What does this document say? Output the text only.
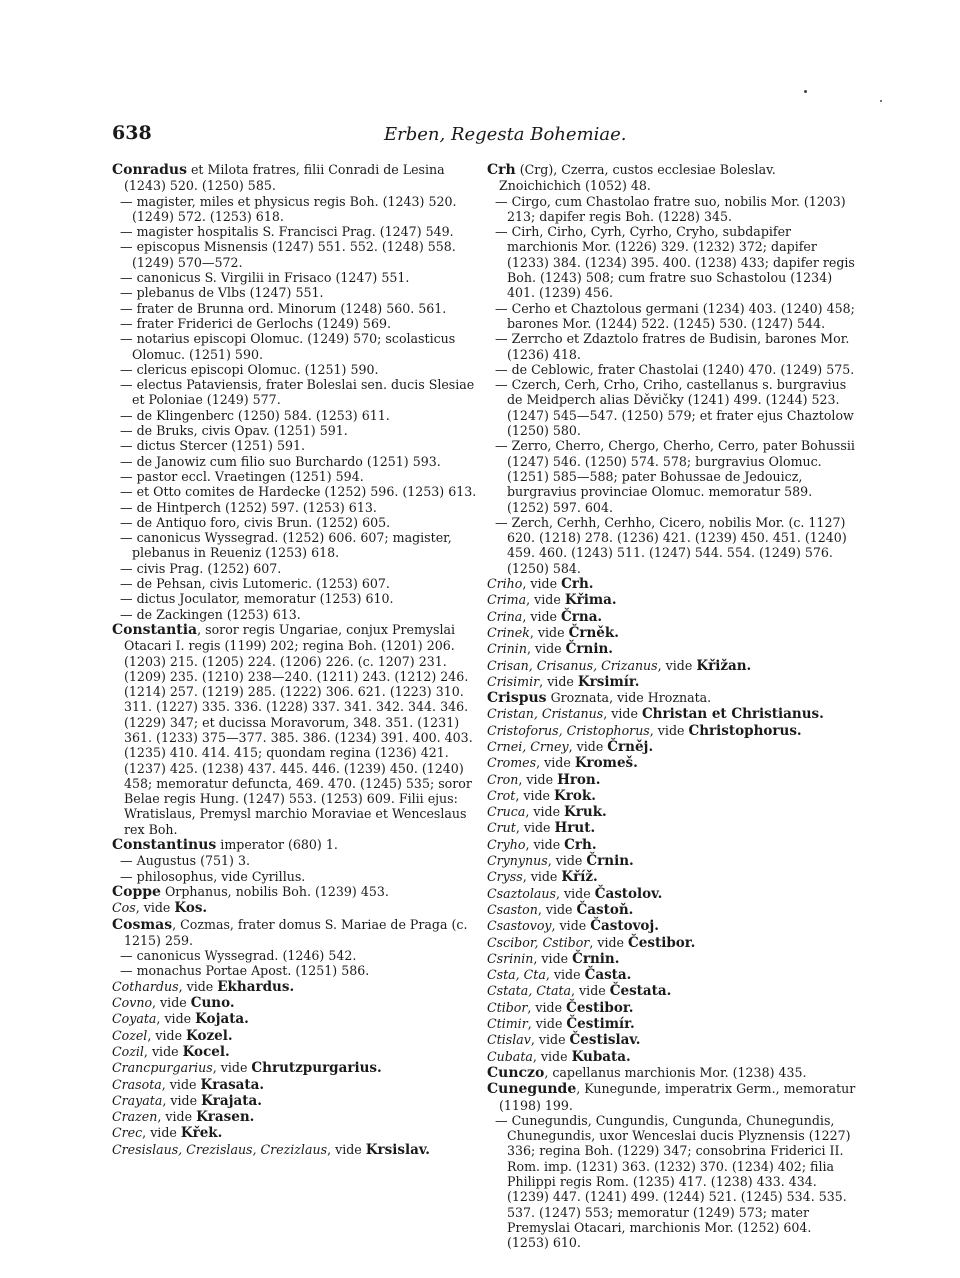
638	Erben, Regesta Bohemiae.

Conradus et Milota fratres, filii Conradi de Lesina (1243) 520. (1250) 585.

— magister, miles et physicus regis Boh. (1243) 520. (1249) 572. (1253) 618.

— magister hospitalis S. Francisci Prag. (1247) 549.

— episcopus Misnensis (1247) 551. 552. (1248) 558. (1249) 570—572.

— canonicus S. Virgilii in Frisaco (1247) 551.

— plebanus de Vlbs (1247) 551.

— frater de Brunna ord. Minorum (1248) 560. 561.

— frater Friderici de Gerlochs (1249) 569.

— notarius episcopi Olomuc. (1249) 570; scolasticus Olomuc. (1251) 590.

— clericus episcopi Olomuc. (1251) 590.

— electus Pataviensis, frater Boleslai sen. ducis Slesiae et Poloniae (1249) 577.

— de Klingenberc (1250) 584. (1253) 611.

— de Bruks, civis Opav. (1251) 591.

— dictus Stercer (1251) 591.

— de Janowiz cum filio suo Burchardo (1251) 593.

— pastor eccl. Vraetingen (1251) 594.

— et Otto comites de Hardecke (1252) 596. (1253) 613.

— de Hintperch (1252) 597. (1253) 613.

— de Antiquo foro, civis Brun. (1252) 605.

— canonicus Wyssegrad. (1252) 606. 607; magister, plebanus in Reueniz (1253) 618.

— civis Prag. (1252) 607.

— de Pehsan, civis Lutomeric. (1253) 607.

— dictus Joculator, memoratur (1253) 610.

— de Zackingen (1253) 613.

Constantia, soror regis Ungariae, conjux Premyslai Otacari I. regis (1199) 202; regina Boh. (1201) 206. (1203) 215. (1205) 224. (1206) 226. (c. 1207) 231. (1209) 235. (1210) 238—240. (1211) 243. (1212) 246. (1214) 257. (1219) 285. (1222) 306. 621. (1223) 310. 311. (1227) 335. 336. (1228) 337. 341. 342. 344. 346. (1229) 347; et ducissa Moravorum, 348. 351. (1231) 361. (1233) 375—377. 385. 386. (1234) 391. 400. 403. (1235) 410. 414. 415; quondam regina (1236) 421. (1237) 425. (1238) 437. 445. 446. (1239) 450. (1240) 458; memoratur defuncta, 469. 470. (1245) 535; soror Belae regis Hung. (1247) 553. (1253) 609. Filii ejus: Wratislaus, Premysl marchio Moraviae et Wenceslaus rex Boh.

Constantinus imperator (680) 1.

— Augustus (751) 3.

— philosophus, vide Cyrillus.

Coppe Orphanus, nobilis Boh. (1239) 453.

Cos, vide Kos.

Cosmas, Cozmas, frater domus S. Mariae de Praga (c. 1215) 259.

— canonicus Wyssegrad. (1246) 542.

— monachus Portae Apost. (1251) 586.

Cothardus, vide Ekhardus.

Covno, vide Cuno.

Coyata, vide Kojata.

Cozel, vide Kozel.

Cozil, vide Kocel.

Crancpurgarius, vide Chrutzpurgarius.

Crasota, vide Krasata.

Crayata, vide Krajata.

Crazen, vide Krasen.

Crec, vide Křek.

Cresislaus, Crezislaus, Crezizlaus, vide Krsislav.

Crh (Crg), Czerra, custos ecclesiae Boleslav. Znoichichich (1052) 48.

— Cirgo, cum Chastolao fratre suo, nobilis Mor. (1203) 213; dapifer regis Boh. (1228) 345.

— Cirh, Cirho, Cyrh, Cyrho, Cryho, subdapifer marchionis Mor. (1226) 329. (1232) 372; dapifer (1233) 384. (1234) 395. 400. (1238) 433; dapifer regis Boh. (1243) 508; cum fratre suo Schastolou (1234) 401. (1239) 456.

— Cerho et Chaztolous germani (1234) 403. (1240) 458; barones Mor. (1244) 522. (1245) 530. (1247) 544.

— Zerrcho et Zdaztolo fratres de Budisin, barones Mor. (1236) 418.

— de Ceblowic, frater Chastolai (1240) 470. (1249) 575.

— Czerch, Cerh, Crho, Criho, castellanus s. burgravius de Meidperch alias Děvičky (1241) 499. (1244) 523. (1247) 545—547. (1250) 579; et frater ejus Chaztolow (1250) 580.

— Zerro, Cherro, Chergo, Cherho, Cerro, pater Bohussii (1247) 546. (1250) 574. 578; burgravius Olomuc. (1251) 585—588; pater Bohussae de Jedouicz, burgravius provinciae Olomuc. memoratur 589. (1252) 597. 604.

— Zerch, Cerhh, Cerhho, Cicero, nobilis Mor. (c. 1127) 620. (1218) 278. (1236) 421. (1239) 450. 451. (1240) 459. 460. (1243) 511. (1247) 544. 554. (1249) 576. (1250) 584.

Criho, vide Crh.

Crima, vide Křima.

Crina, vide Črna.

Crinek, vide Črněk.

Crinin, vide Črnin.

Crisan, Crisanus, Crizanus, vide Křižan.

Crisimir, vide Krsimír.

Crispus Groznata, vide Hroznata.

Cristan, Cristanus, vide Christan et Christianus.

Cristoforus, Cristophorus, vide Christophorus.

Crnei, Crney, vide Črněj.

Cromes, vide Kromeš.

Cron, vide Hron.

Crot, vide Krok.

Cruca, vide Kruk.

Crut, vide Hrut.

Cryho, vide Crh.

Crynynus, vide Črnin.

Cryss, vide Kříž.

Csaztolaus, vide Častolov.

Csaston, vide Častoň.

Csastovoy, vide Častovoj.

Cscibor, Cstibor, vide Čestibor.

Csrinin, vide Črnin.

Csta, Cta, vide Časta.

Cstata, Ctata, vide Čestata.

Ctibor, vide Čestibor.

Ctimir, vide Čestimír.

Ctislav, vide Čestislav.

Cubata, vide Kubata.

Cunczo, capellanus marchionis Mor. (1238) 435.

Cunegunde, Kunegunde, imperatrix Germ., memoratur (1198) 199.

— Cunegundis, Cungundis, Cungunda, Chunegundis, Chunegundis, uxor Wenceslai ducis Plyznensis (1227) 336; regina Boh. (1229) 347; consobrina Friderici II. Rom. imp. (1231) 363. (1232) 370. (1234) 402; filia Philippi regis Rom. (1235) 417. (1238) 433. 434. (1239) 447. (1241) 499. (1244) 521. (1245) 534. 535. 537. (1247) 553; memoratur (1249) 573; mater Premyslai Otacari, marchionis Mor. (1252) 604. (1253) 610.
